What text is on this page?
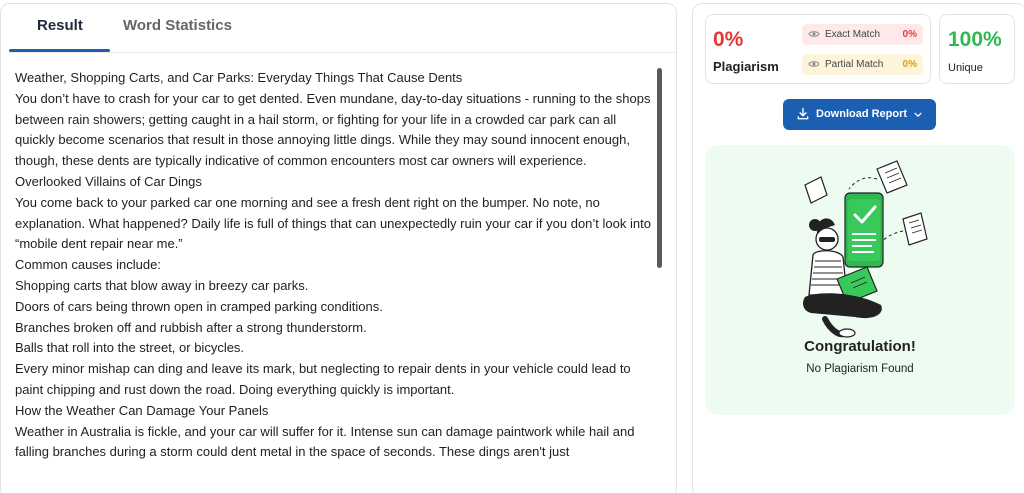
Result	Word Statistics

Weather, Shopping Carts, and Car Parks: Everyday Things That Cause Dents

You don’t have to crash for your car to get dented. Even mundane, day-to-day situations - running to the shops between rain showers; getting caught in a hail storm, or fighting for your life in a crowded car park can all quickly become scenarios that result in those annoying little dings. While they may sound innocent enough, though, these dents are typically indicative of common encounters most car owners will experience.

Overlooked Villains of Car Dings

You come back to your parked car one morning and see a fresh dent right on the bumper. No note, no explanation. What happened? Daily life is full of things that can unexpectedly ruin your car if you don’t look into “mobile dent repair near me.”

Common causes include:

Shopping carts that blow away in breezy car parks.

Doors of cars being thrown open in cramped parking conditions.

Branches broken off and rubbish after a strong thunderstorm.

Balls that roll into the street, or bicycles.

Every minor mishap can ding and leave its mark, but neglecting to repair dents in your vehicle could lead to paint chipping and rust down the road. Doing everything quickly is important.

How the Weather Can Damage Your Panels

Weather in Australia is fickle, and your car will suffer for it. Intense sun can damage paintwork while hail and falling branches during a storm could dent metal in the space of seconds. These dings aren't just

0%
Plagiarism
Exact Match 0%
Partial Match 0%
100%
Unique
Download Report
Congratulation!
No Plagiarism Found
